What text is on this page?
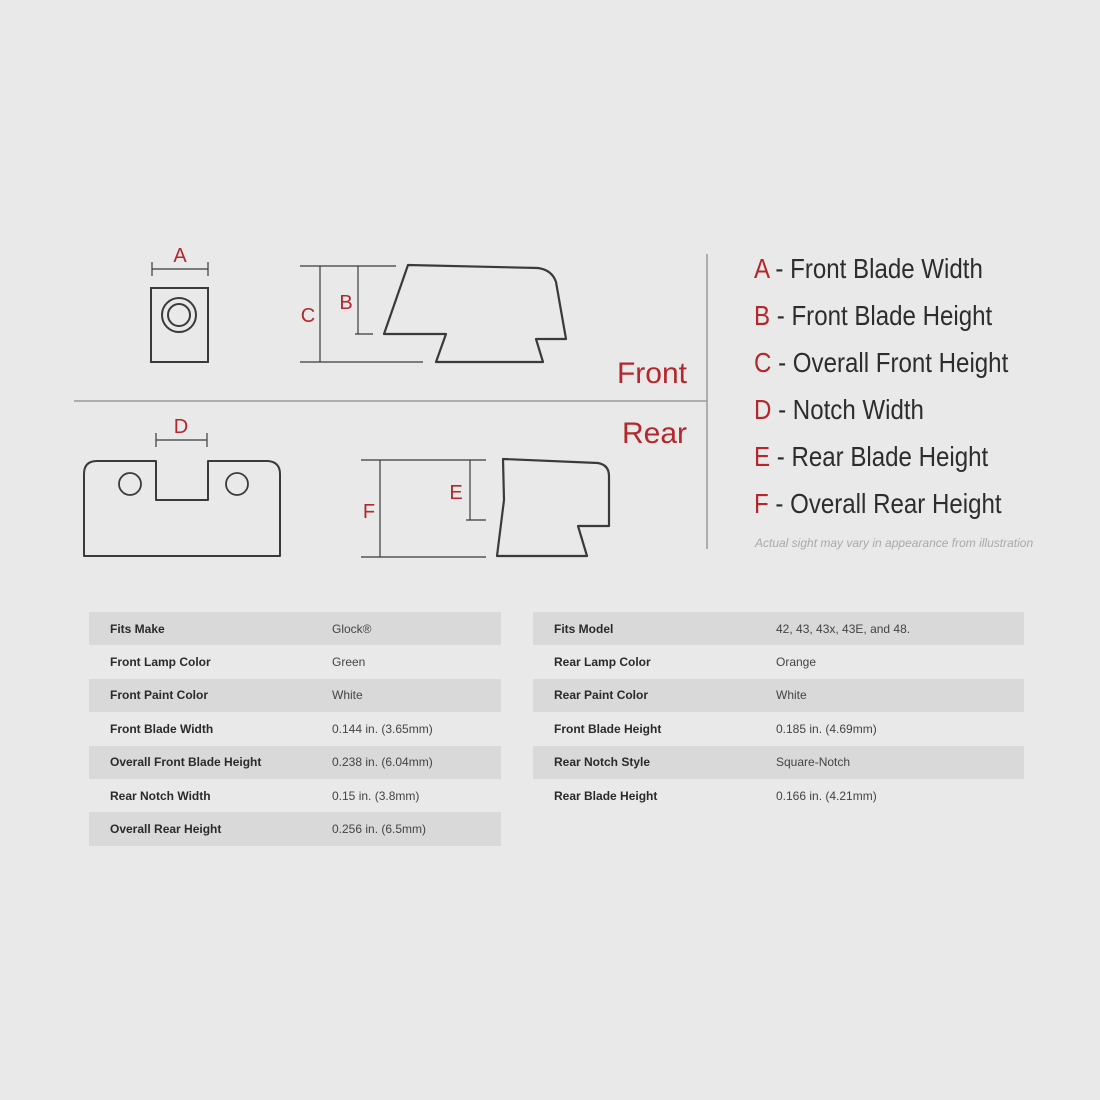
A
C
B
Front
Rear
D
F
E
A - Front Blade Width
B - Front Blade Height
C - Overall Front Height
D - Notch Width
E - Rear Blade Height
F - Overall Rear Height
Actual sight may vary in appearance from illustration
Fits Make	Glock®
Front Lamp Color	Green
Front Paint Color	White
Front Blade Width	0.144 in. (3.65mm)
Overall Front Blade Height	0.238 in. (6.04mm)
Rear Notch Width	0.15 in. (3.8mm)
Overall Rear Height	0.256 in. (6.5mm)
Fits Model	42, 43, 43x, 43E, and 48.
Rear Lamp Color	Orange
Rear Paint Color	White
Front Blade Height	0.185 in. (4.69mm)
Rear Notch Style	Square-Notch
Rear Blade Height	0.166 in. (4.21mm)
